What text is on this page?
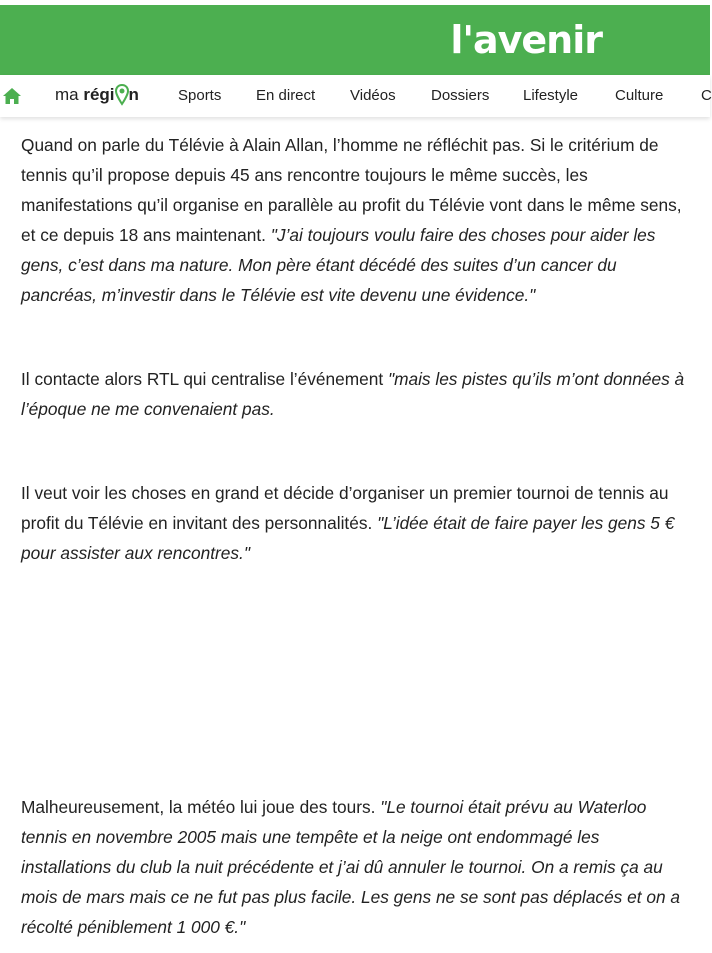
l'avenir
ma régi n	Sports En direct Vidéos Dossiers Lifestyle Culture	C

Quand on parle du Télévie à Alain Allan, l’homme ne réfléchit pas. Si le critérium de tennis qu’il propose depuis 45 ans rencontre toujours le même succès, les manifestations qu’il organise en parallèle au profit du Télévie vont dans le même sens, et ce depuis 18 ans maintenant. "J’ai toujours voulu faire des choses pour aider les gens, c’est dans ma nature. Mon père étant décédé des suites d’un cancer du pancréas, m’investir dans le Télévie est vite devenu une évidence."

Il contacte alors RTL qui centralise l’événement "mais les pistes qu’ils m’ont données à l’époque ne me convenaient pas.

Il veut voir les choses en grand et décide d’organiser un premier tournoi de tennis au profit du Télévie en invitant des personnalités. "L’idée était de faire payer les gens 5 € pour assister aux rencontres."

Malheureusement, la météo lui joue des tours. "Le tournoi était prévu au Waterloo tennis en novembre 2005 mais une tempête et la neige ont endommagé les installations du club la nuit précédente et j’ai dû annuler le tournoi. On a remis ça au mois de mars mais ce ne fut pas plus facile. Les gens ne se sont pas déplacés et on a récolté péniblement 1 000 €."
